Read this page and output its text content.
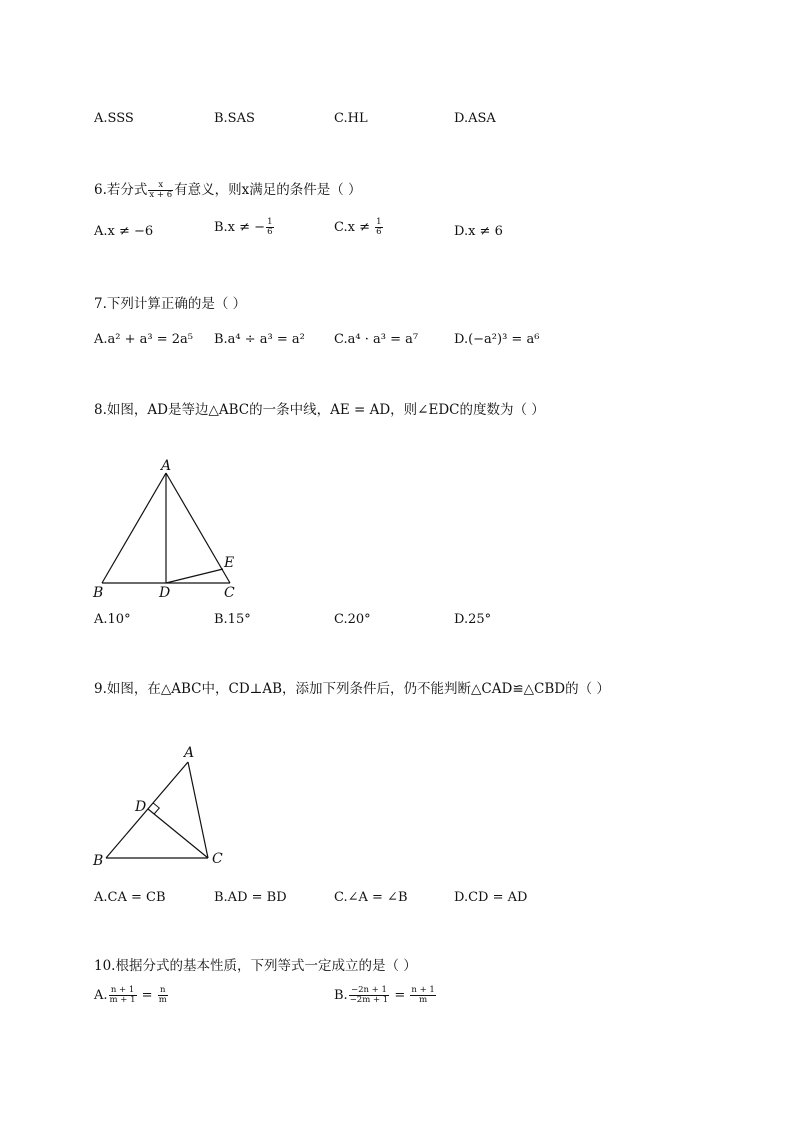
A.SSS	B.SAS	C.HL	D.ASA
6.若分式 $\frac{x}{x + 6}$ 有意义，则x满足的条件是（ ）
A.x ≠ −6	B.x ≠ − $\frac{1}{6}$	$C.x \ne \frac{1}{6}$	D.x ≠ 6
7.下列计算正确的是（ ）
A.a² + a³ = 2a⁵ B.a⁴ ÷ a³ = a² C.a⁴ · a³ = a⁷	D.(−a²)³ = a⁶
8.如图，AD是等边△ABC的一条中线，AE = AD，则∠EDC的度数为（ ）
A
B	C
D
E
A.10°	B.15°	C.20°	D.25°
9.如图，在△ABC中，CD⊥AB，添加下列条件后，仍不能判断△CAD≌△CBD的（ ）
A
B	C
D
A.CA = CB	B.AD = BD	C.∠A = ∠B	D.CD = AD
10.根据分式的基本性质，下列等式一定成立的是（ ）
A. $\frac{n + 1}{m + 1} = \frac{n}{m}$	B. $\frac{-2n + 1}{-2m + 1} = \frac{n + 1}{m}$
